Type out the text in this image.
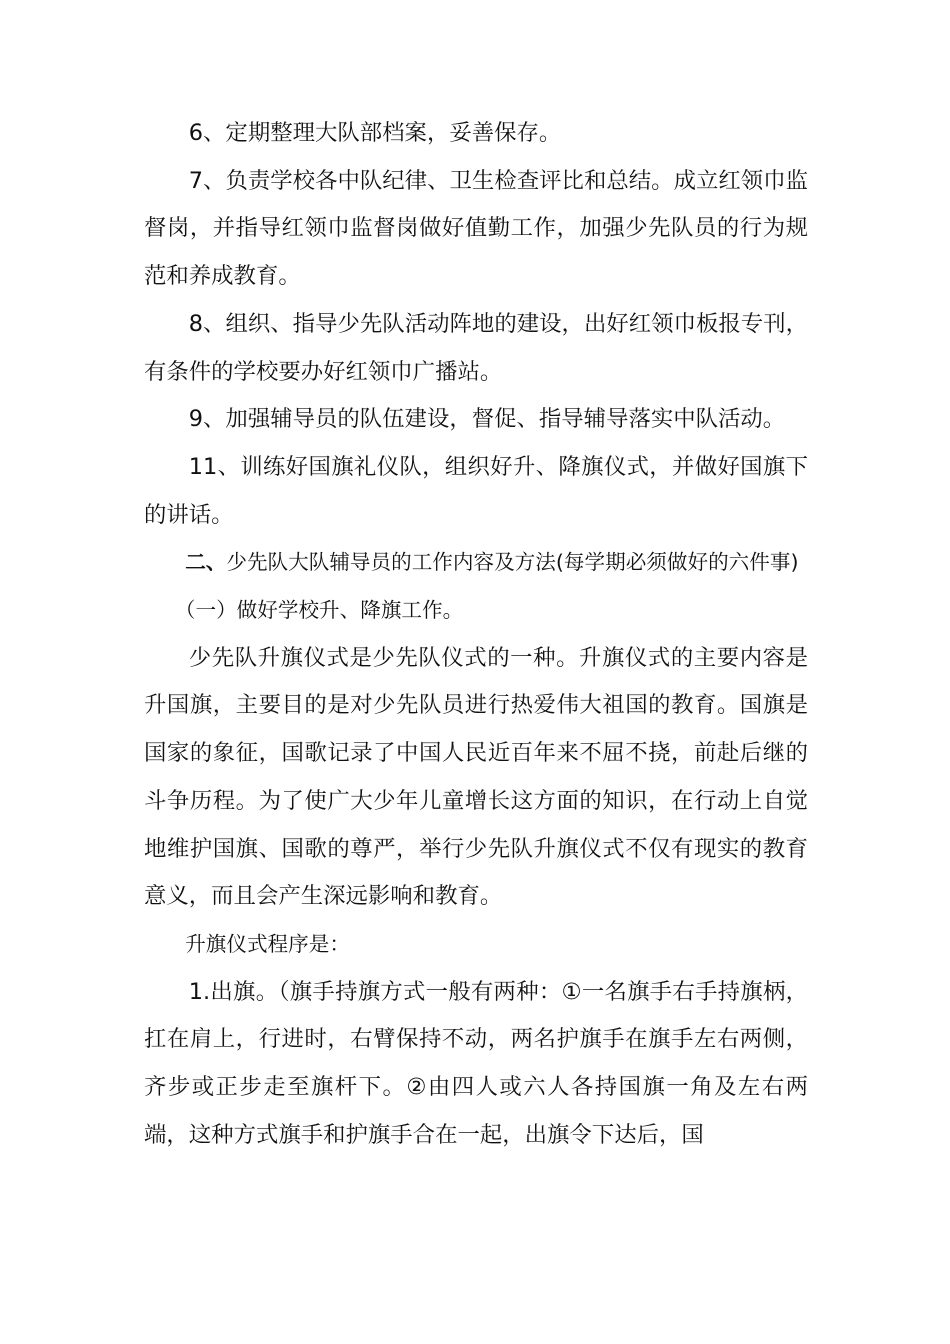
6、定期整理大队部档案，妥善保存。

7、负责学校各中队纪律、卫生检查评比和总结。成立红领巾监督岗，并指导红领巾监督岗做好值勤工作，加强少先队员的行为规范和养成教育。

8、组织、指导少先队活动阵地的建设，出好红领巾板报专刊，有条件的学校要办好红领巾广播站。

9、加强辅导员的队伍建设，督促、指导辅导落实中队活动。

11、训练好国旗礼仪队，组织好升、降旗仪式，并做好国旗下的讲话。

二、少先队大队辅导员的工作内容及方法(每学期必须做好的六件事)

（一）做好学校升、降旗工作。

少先队升旗仪式是少先队仪式的一种。升旗仪式的主要内容是升国旗，主要目的是对少先队员进行热爱伟大祖国的教育。国旗是国家的象征，国歌记录了中国人民近百年来不屈不挠，前赴后继的斗争历程。为了使广大少年儿童增长这方面的知识，在行动上自觉地维护国旗、国歌的尊严，举行少先队升旗仪式不仅有现实的教育意义，而且会产生深远影响和教育。

升旗仪式程序是：

1.出旗。（旗手持旗方式一般有两种：①一名旗手右手持旗柄，扛在肩上，行进时，右臂保持不动，两名护旗手在旗手左右两侧，齐步或正步走至旗杆下。②由四人或六人各持国旗一角及左右两端，这种方式旗手和护旗手合在一起，出旗令下达后，国
